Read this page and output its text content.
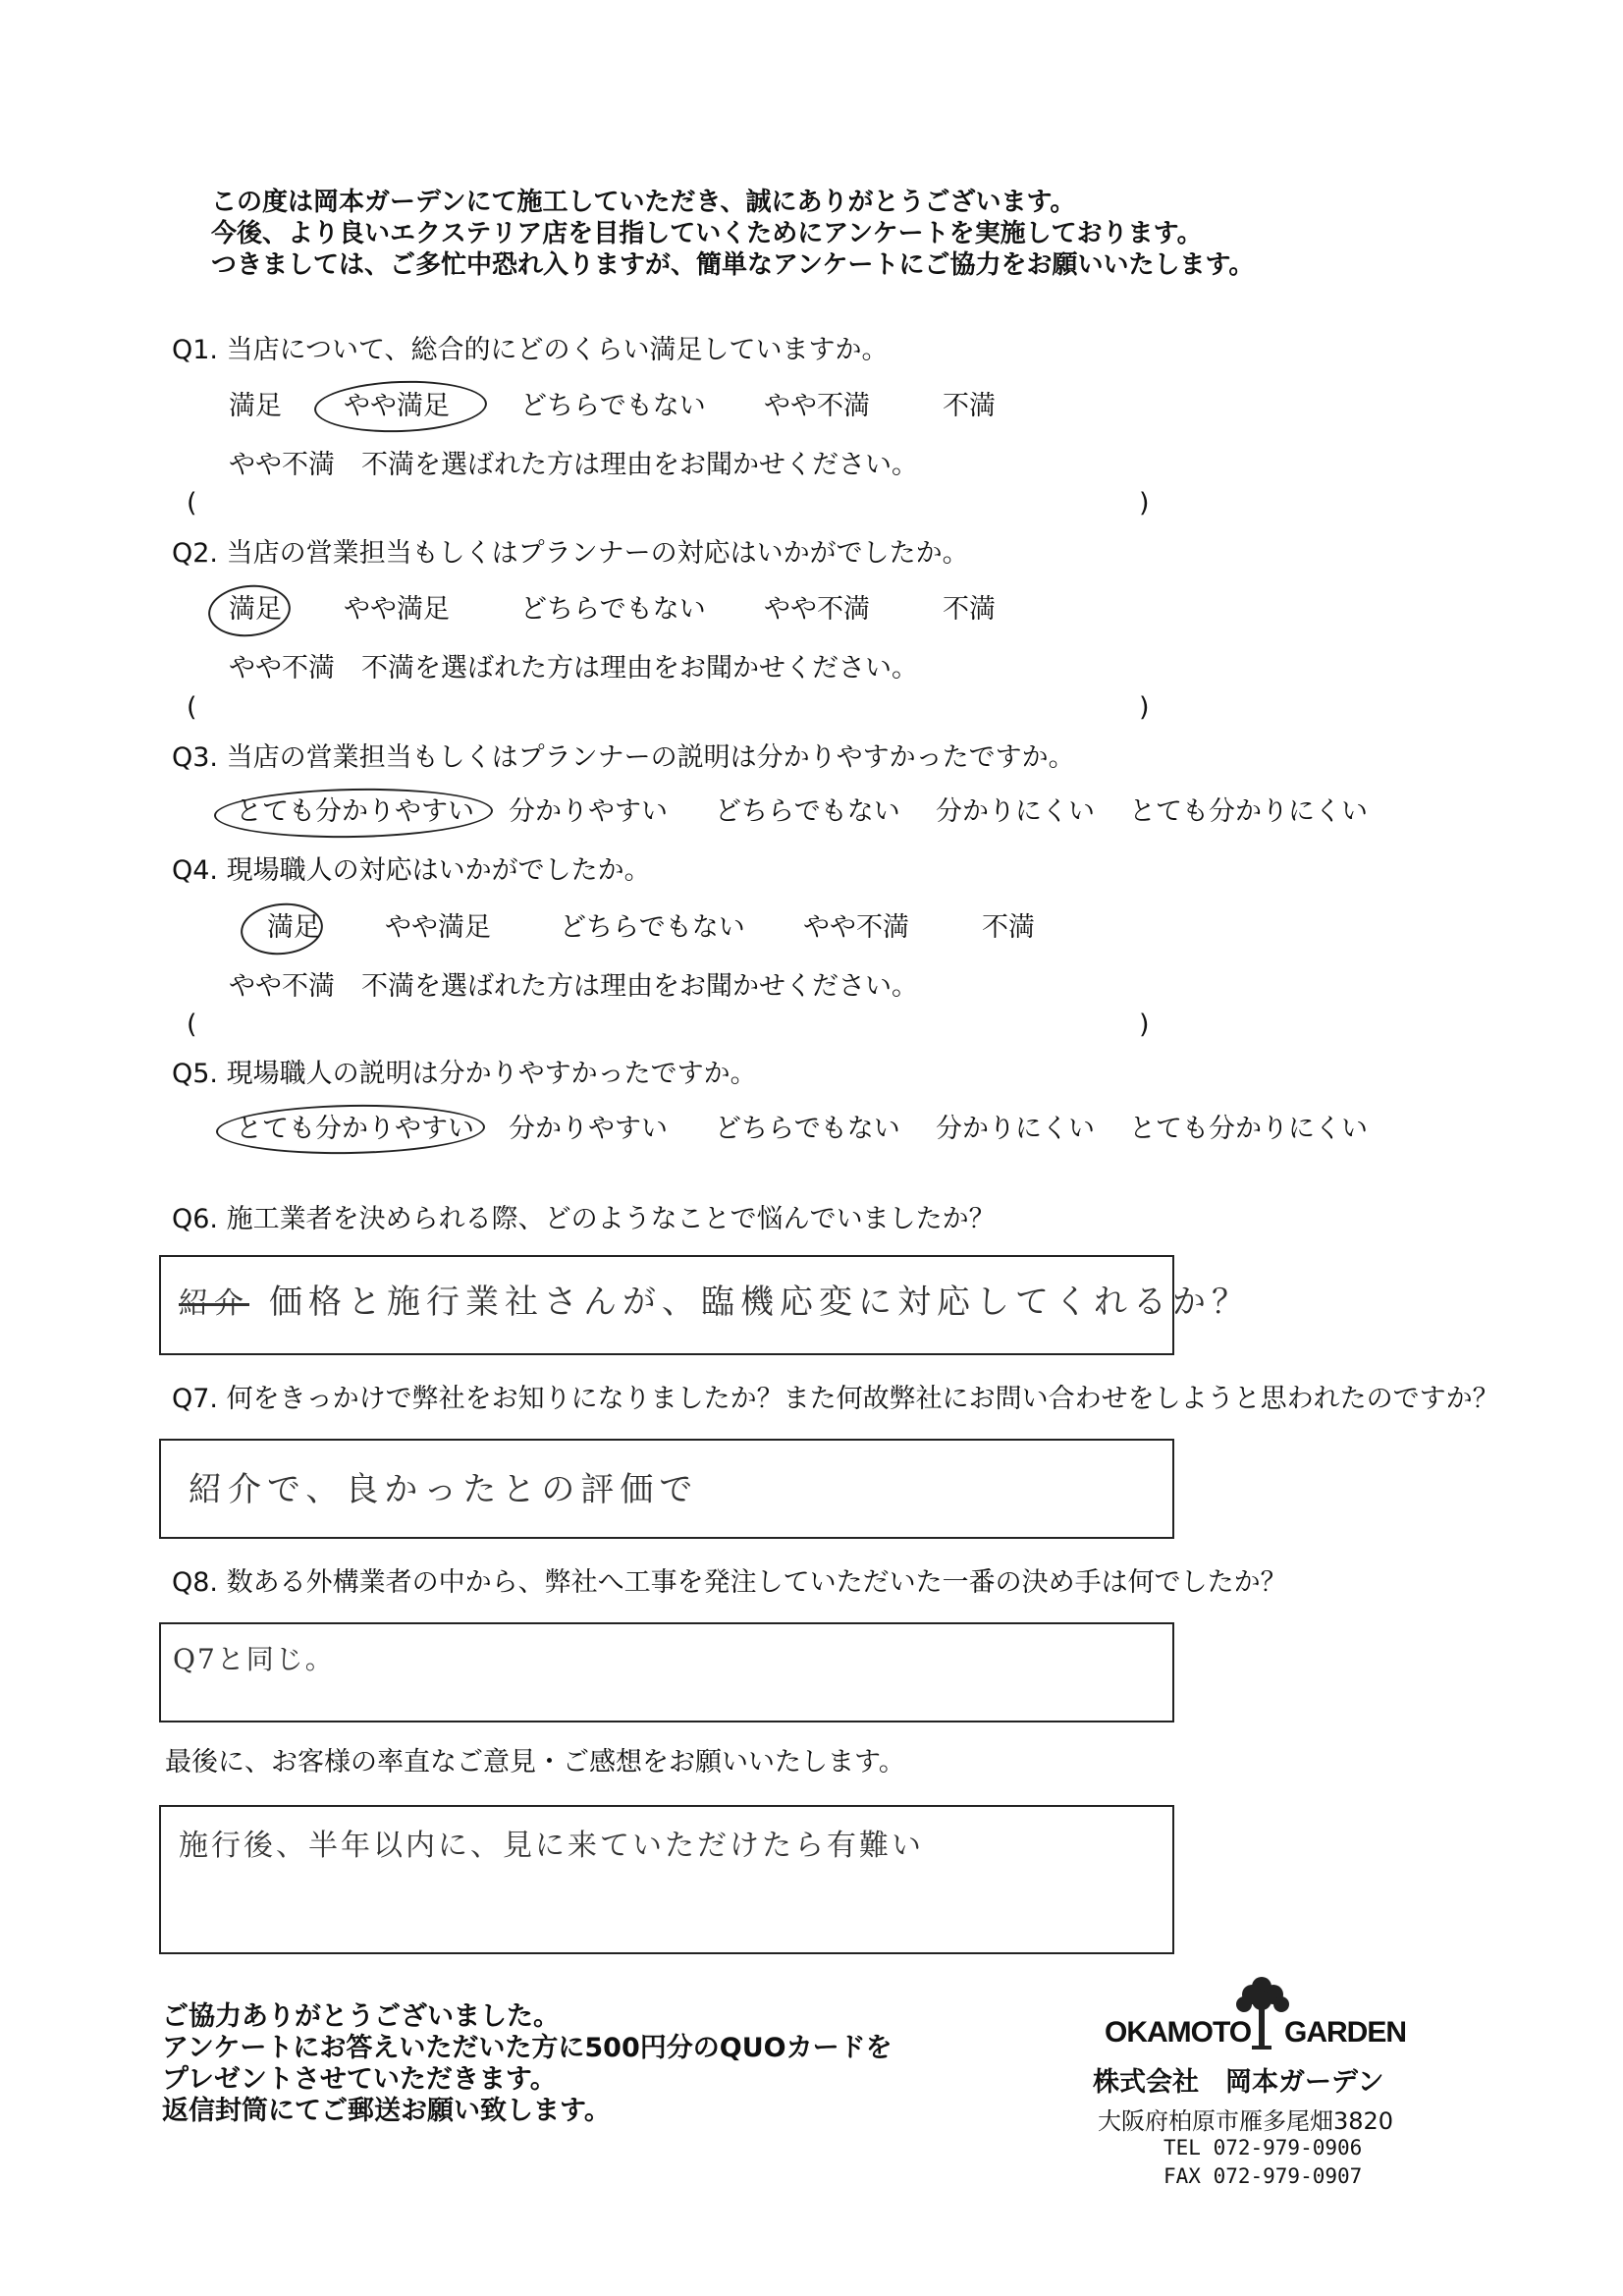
この度は岡本ガーデンにて施工していただき、誠にありがとうございます。
今後、より良いエクステリア店を目指していくためにアンケートを実施しております。
つきましては、ご多忙中恐れ入りますが、簡単なアンケートにご協力をお願いいたします。
Q1. 当店について、総合的にどのくらい満足していますか。
満足 やや満足	どちらでもない やや不満	不満
やや不満　不満を選ばれた方は理由をお聞かせください。
(	)
Q2. 当店の営業担当もしくはプランナーの対応はいかがでしたか。
満足 やや満足	どちらでもない やや不満	不満
やや不満　不満を選ばれた方は理由をお聞かせください。
(	)
Q3. 当店の営業担当もしくはプランナーの説明は分かりやすかったですか。
とても分かりやすい 分かりやすい どちらでもない 分かりにくい とても分かりにくい
Q4. 現場職人の対応はいかがでしたか。
満足 やや満足	どちらでもない やや不満	不満
やや不満　不満を選ばれた方は理由をお聞かせください。
(	)
Q5. 現場職人の説明は分かりやすかったですか。
とても分かりやすい 分かりやすい どちらでもない 分かりにくい とても分かりにくい
Q6. 施工業者を決められる際、どのようなことで悩んでいましたか？
紹介 価格と施行業社さんが、臨機応変に対応してくれるか？
Q7. 何をきっかけで弊社をお知りになりましたか？また何故弊社にお問い合わせをしようと思われたのですか？
紹介で、良かったとの評価で
Q8. 数ある外構業者の中から、弊社へ工事を発注していただいた一番の決め手は何でしたか？
Q7と同じ。
最後に、お客様の率直なご意見・ご感想をお願いいたします。
施行後、半年以内に、見に来ていただけたら有難い
ご協力ありがとうございました。
アンケートにお答えいただいた方に500円分のQUOカードを
プレゼントさせていただきます。
返信封筒にてご郵送お願い致します。
OKAMOTO GARDEN
株式会社　岡本ガーデン
大阪府柏原市雁多尾畑3820
TEL 072-979-0906
FAX 072-979-0907
